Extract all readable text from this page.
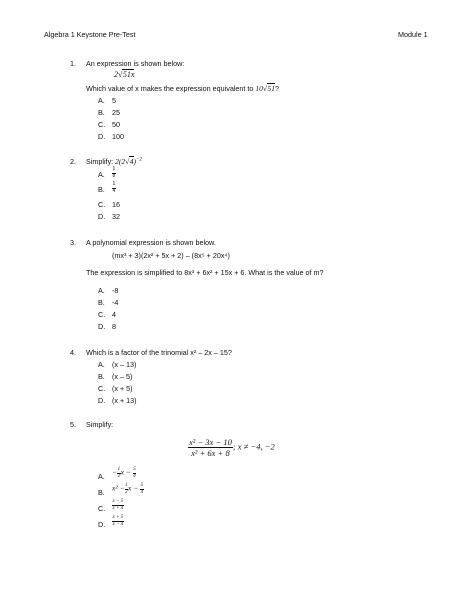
Algebra 1 Keystone Pre-Test	Module 1
1. An expression is shown below:
2√51x
Which value of x makes the expression equivalent to 10√51?
A. 5
B. 25
C. 50
D. 100
2. Simplify: $2(2√4)^{-2}$
A. $\frac{1}{8}$
B. $\frac{1}{4}$
C. 16
D. 32
3. A polynomial expression is shown below.
(mx³ + 3)(2x² + 5x + 2) – (8x⁵ + 20x⁴)
The expression is simplified to 8x³ + 6x² + 15x + 6. What is the value of m?
A. -8
B. -4
C. 4
D. 8
4. Which is a factor of the trinomial x² – 2x – 15?
A. (x – 13)
B. (x – 5)
C. (x + 5)
D. (x + 13)
5. Simplify:
$\frac{\text{x² − 3x − 10}}{\text{x² + 6x + 8}}$ ; x ≠ −4, −2
A. − $\frac{1}{2}$ $x - \frac{5}{4}$
B. $x^2 - \frac{1}{2}$ $x - \frac{5}{4}$
C. $\frac{x - 5}{x + 4}$
D. $\frac{x + 5}{x - 4}$
